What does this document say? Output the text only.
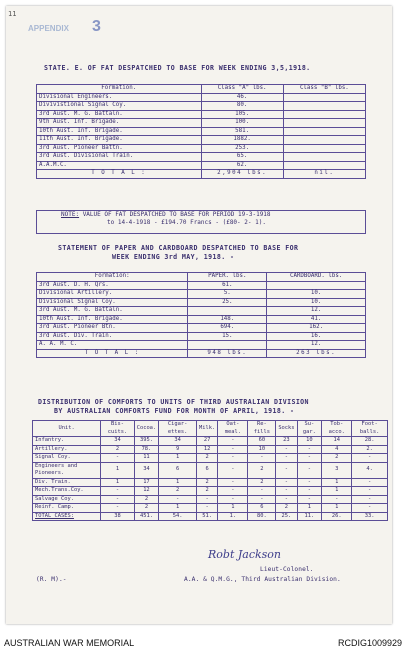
11
APPENDIX 3
STATE. E. OF FAT DESPATCHED TO BASE FOR WEEK ENDING 3,5,1918.
Formation.	Class "A" lbs.	Class "B" lbs.
Divisional Engineers.	46.	
Divivistional Signal Coy.	80.	
3rd Aust. M. G. Battaln.	105.	
9th Aust. Inf. Brigade.	100.	
10th Aust. Inf. Brigade.	581.	
11th Aust. Inf. Brigade.	1882.	
3rd Aust. Pioneer Battn.	253.	
3rd Aust. Divisional Train.	65.	
A.A.M.C.	62.	
T O T A L :	2,904 lbs.	nil.
NOTE: VALUE OF FAT DESPATCHED TO BASE FOR PERIOD 19-3-1918
to 14-4-1918 - £194.70 Francs - (£80- 2- 1).
STATEMENT OF PAPER AND CARDBOARD DESPATCHED TO BASE FOR
WEEK ENDING 3rd MAY, 1918. -
Formation:	PAPER. lbs.	CARDBOARD. lbs.
3rd Aust. D. H. Qrs.	61.	
Divisional Artillery.	5.	10.
Divisional Signal Coy.	25.	10.
3rd Aust. M. G. Battaln.		12.
10th Aust. Inf. Brigade.	148.	41.
3rd Aust. Pioneer Btn.	694.	162.
3rd Aust. Div. Train.	15.	16.
A. A. M. C.		12.
T O T A L :	948 lbs.	263 lbs.
DISTRIBUTION OF COMFORTS TO UNITS OF THIRD AUSTRALIAN DIVISION
BY AUSTRALIAN COMFORTS FUND FOR MONTH OF APRIL, 1918. -
Unit.	Bis-cuits.	Cocoa.	Cigar-ettes.	Milk.	Oat-meal.	Re-fills	Socks	Su-gar.	Tob-acco.	Foot-balls.
Infantry.	34	395.	34	27	-	60	23	10	14	28.
Artillery.	2	78.	9	12	-	10	-	-	4	2.
Signal Coy.	-	11	1	2	-	-	-	-	2	-
Engineers and Pioneers.	1	34	6	6	-	2	-	-	3	4.
Div. Train.	1	17	1	2	-	2	-	-	1	-
Mech.Trans.Coy.	-	12	2	2	-	-	-	-	1	-
Salvage Coy.	-	2	-	-	-	-	-	-	-	-
Reinf. Camp.	-	2	1	-	1	6	2	1	1	-
TOTAL CASES:	38	451.	54.	51.	1.	80.	25.	11.	26.	33.
Robt Jackson
Lieut-Colonel.
A.A. & Q.M.G., Third Australian Division.
(R. M).-
AUSTRALIAN WAR MEMORIAL	RCDIG1009929
